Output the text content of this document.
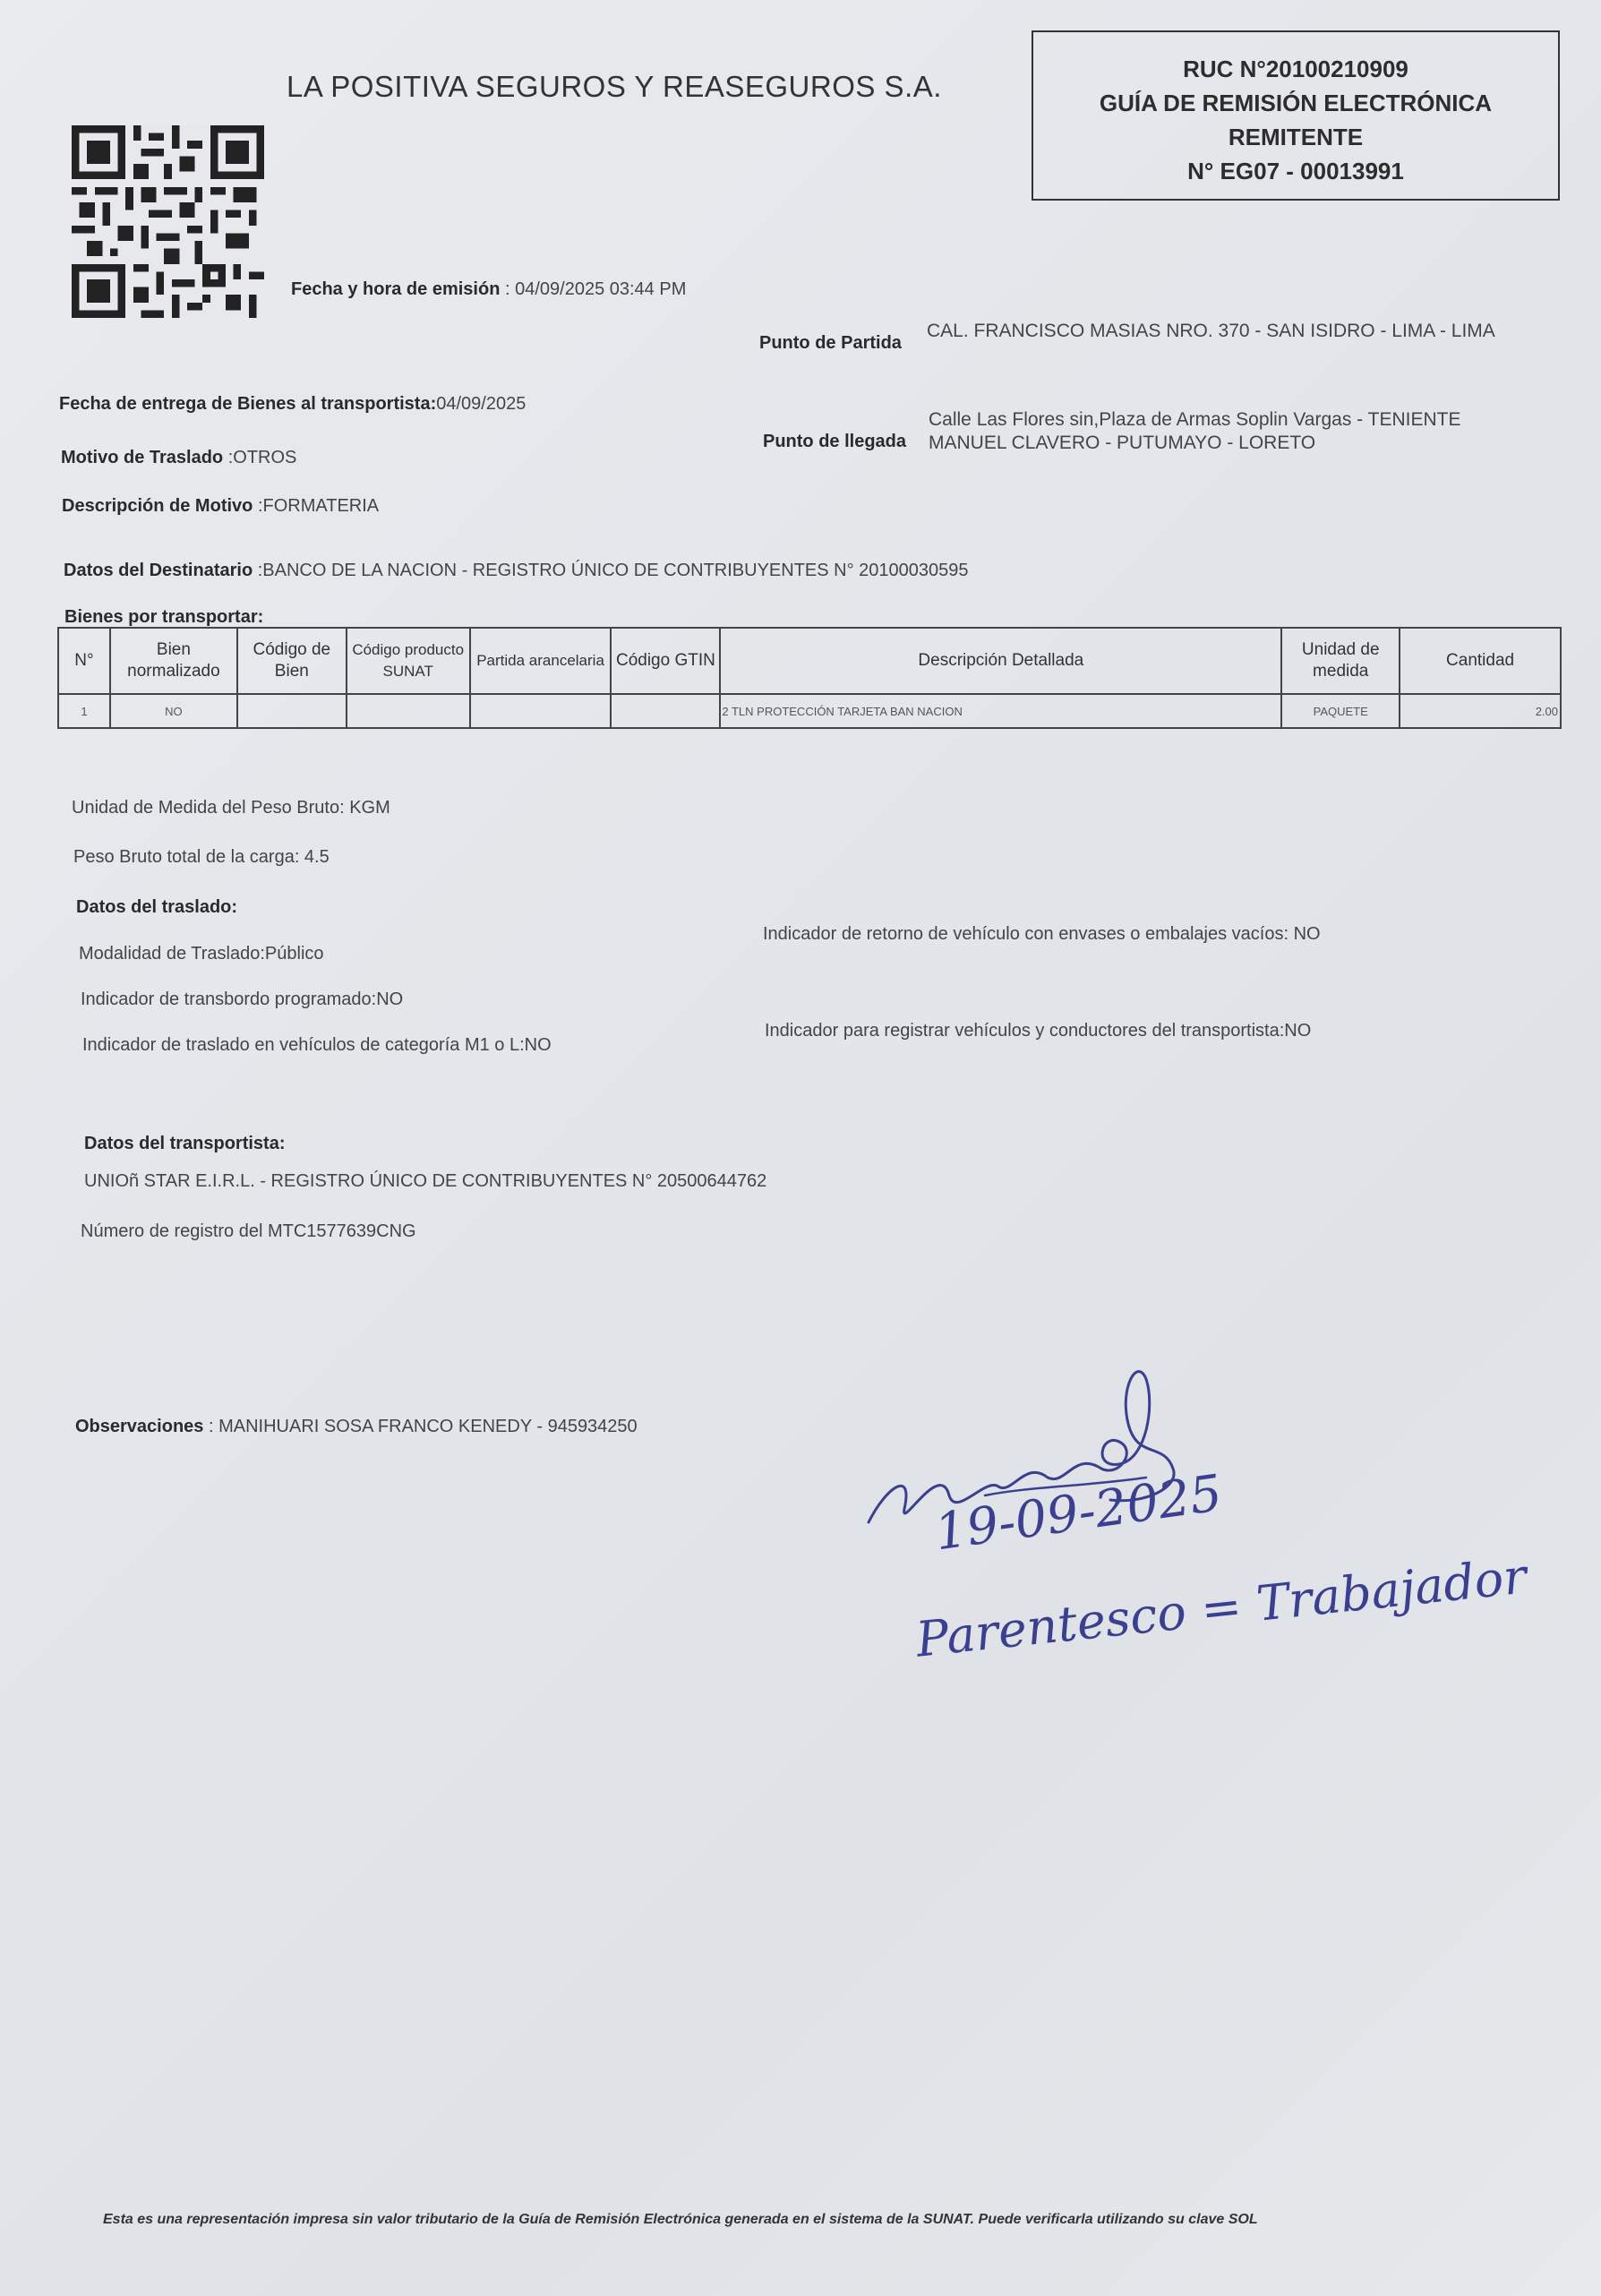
LA POSITIVA SEGUROS Y REASEGUROS S.A.
RUC N°20100210909
GUÍA DE REMISIÓN ELECTRÓNICA
REMITENTE
N° EG07 - 00013991
Fecha y hora de emisión : 04/09/2025 03:44 PM
Punto de Partida
CAL. FRANCISCO MASIAS NRO. 370 - SAN ISIDRO - LIMA - LIMA
Fecha de entrega de Bienes al transportista:04/09/2025
Punto de llegada
Calle Las Flores sin,Plaza de Armas Soplin Vargas - TENIENTE
MANUEL CLAVERO - PUTUMAYO - LORETO
Motivo de Traslado :OTROS
Descripción de Motivo :FORMATERIA
Datos del Destinatario :BANCO DE LA NACION - REGISTRO ÚNICO DE CONTRIBUYENTES N° 20100030595
Bienes por transportar:
N°	Bien normalizado	Código de Bien	Código producto SUNAT	Partida arancelaria	Código GTIN	Descripción Detallada	Unidad de medida	Cantidad
1	NO					2 TLN PROTECCIÓN TARJETA BAN NACION	PAQUETE	2.00
Unidad de Medida del Peso Bruto: KGM
Peso Bruto total de la carga: 4.5
Datos del traslado:
Modalidad de Traslado:Público
Indicador de retorno de vehículo con envases o embalajes vacíos: NO
Indicador de transbordo programado:NO
Indicador para registrar vehículos y conductores del transportista:NO
Indicador de traslado en vehículos de categoría M1 o L:NO
Datos del transportista:
UNIOñ STAR E.I.R.L. - REGISTRO ÚNICO DE CONTRIBUYENTES N° 20500644762
Número de registro del MTC1577639CNG
Observaciones : MANIHUARI SOSA FRANCO KENEDY - 945934250
19-09-2025
Parentesco = Trabajador
Esta es una representación impresa sin valor tributario de la Guía de Remisión Electrónica generada en el sistema de la SUNAT. Puede verificarla utilizando su clave SOL
